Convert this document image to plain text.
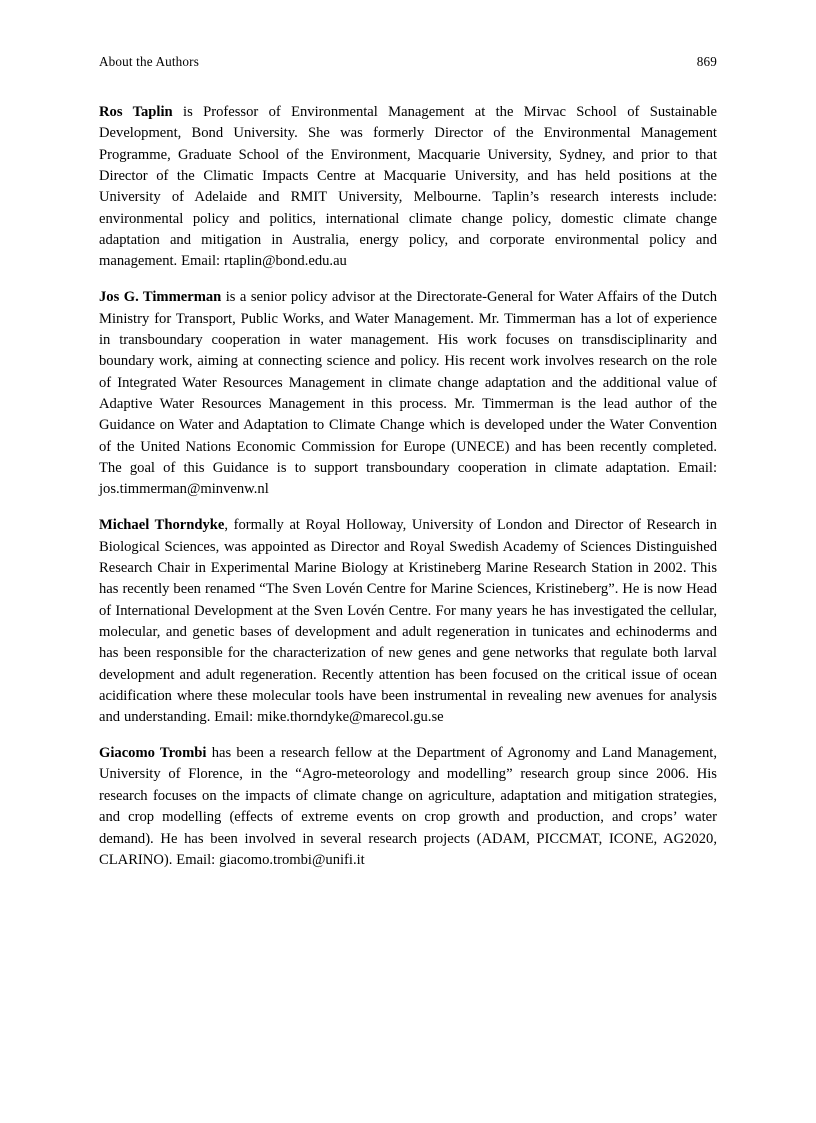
About the Authors	869

Ros Taplin is Professor of Environmental Management at the Mirvac School of Sustainable Development, Bond University. She was formerly Director of the Environmental Management Programme, Graduate School of the Environment, Macquarie University, Sydney, and prior to that Director of the Climatic Impacts Centre at Macquarie University, and has held positions at the University of Adelaide and RMIT University, Melbourne. Taplin’s research interests include: environmental policy and politics, international climate change policy, domestic climate change adaptation and mitigation in Australia, energy policy, and corporate environmental policy and management. Email: rtaplin@bond.edu.au

Jos G. Timmerman is a senior policy advisor at the Directorate-General for Water Affairs of the Dutch Ministry for Transport, Public Works, and Water Management. Mr. Timmerman has a lot of experience in transboundary cooperation in water management. His work focuses on transdisciplinarity and boundary work, aiming at connecting science and policy. His recent work involves research on the role of Integrated Water Resources Management in climate change adaptation and the additional value of Adaptive Water Resources Management in this process. Mr. Timmerman is the lead author of the Guidance on Water and Adaptation to Climate Change which is developed under the Water Convention of the United Nations Economic Commission for Europe (UNECE) and has been recently completed. The goal of this Guidance is to support transboundary cooperation in climate adaptation. Email: jos.timmerman@minvenw.nl

Michael Thorndyke, formally at Royal Holloway, University of London and Director of Research in Biological Sciences, was appointed as Director and Royal Swedish Academy of Sciences Distinguished Research Chair in Experimental Marine Biology at Kristineberg Marine Research Station in 2002. This has recently been renamed “The Sven Lovén Centre for Marine Sciences, Kristineberg”. He is now Head of International Development at the Sven Lovén Centre. For many years he has investigated the cellular, molecular, and genetic bases of development and adult regeneration in tunicates and echinoderms and has been responsible for the characterization of new genes and gene networks that regulate both larval development and adult regeneration. Recently attention has been focused on the critical issue of ocean acidification where these molecular tools have been instrumental in revealing new avenues for analysis and understanding. Email: mike.thorndyke@marecol.gu.se

Giacomo Trombi has been a research fellow at the Department of Agronomy and Land Management, University of Florence, in the “Agro-meteorology and modelling” research group since 2006. His research focuses on the impacts of climate change on agriculture, adaptation and mitigation strategies, and crop modelling (effects of extreme events on crop growth and production, and crops’ water demand). He has been involved in several research projects (ADAM, PICCMAT, ICONE, AG2020, CLARINO). Email: giacomo.trombi@unifi.it
